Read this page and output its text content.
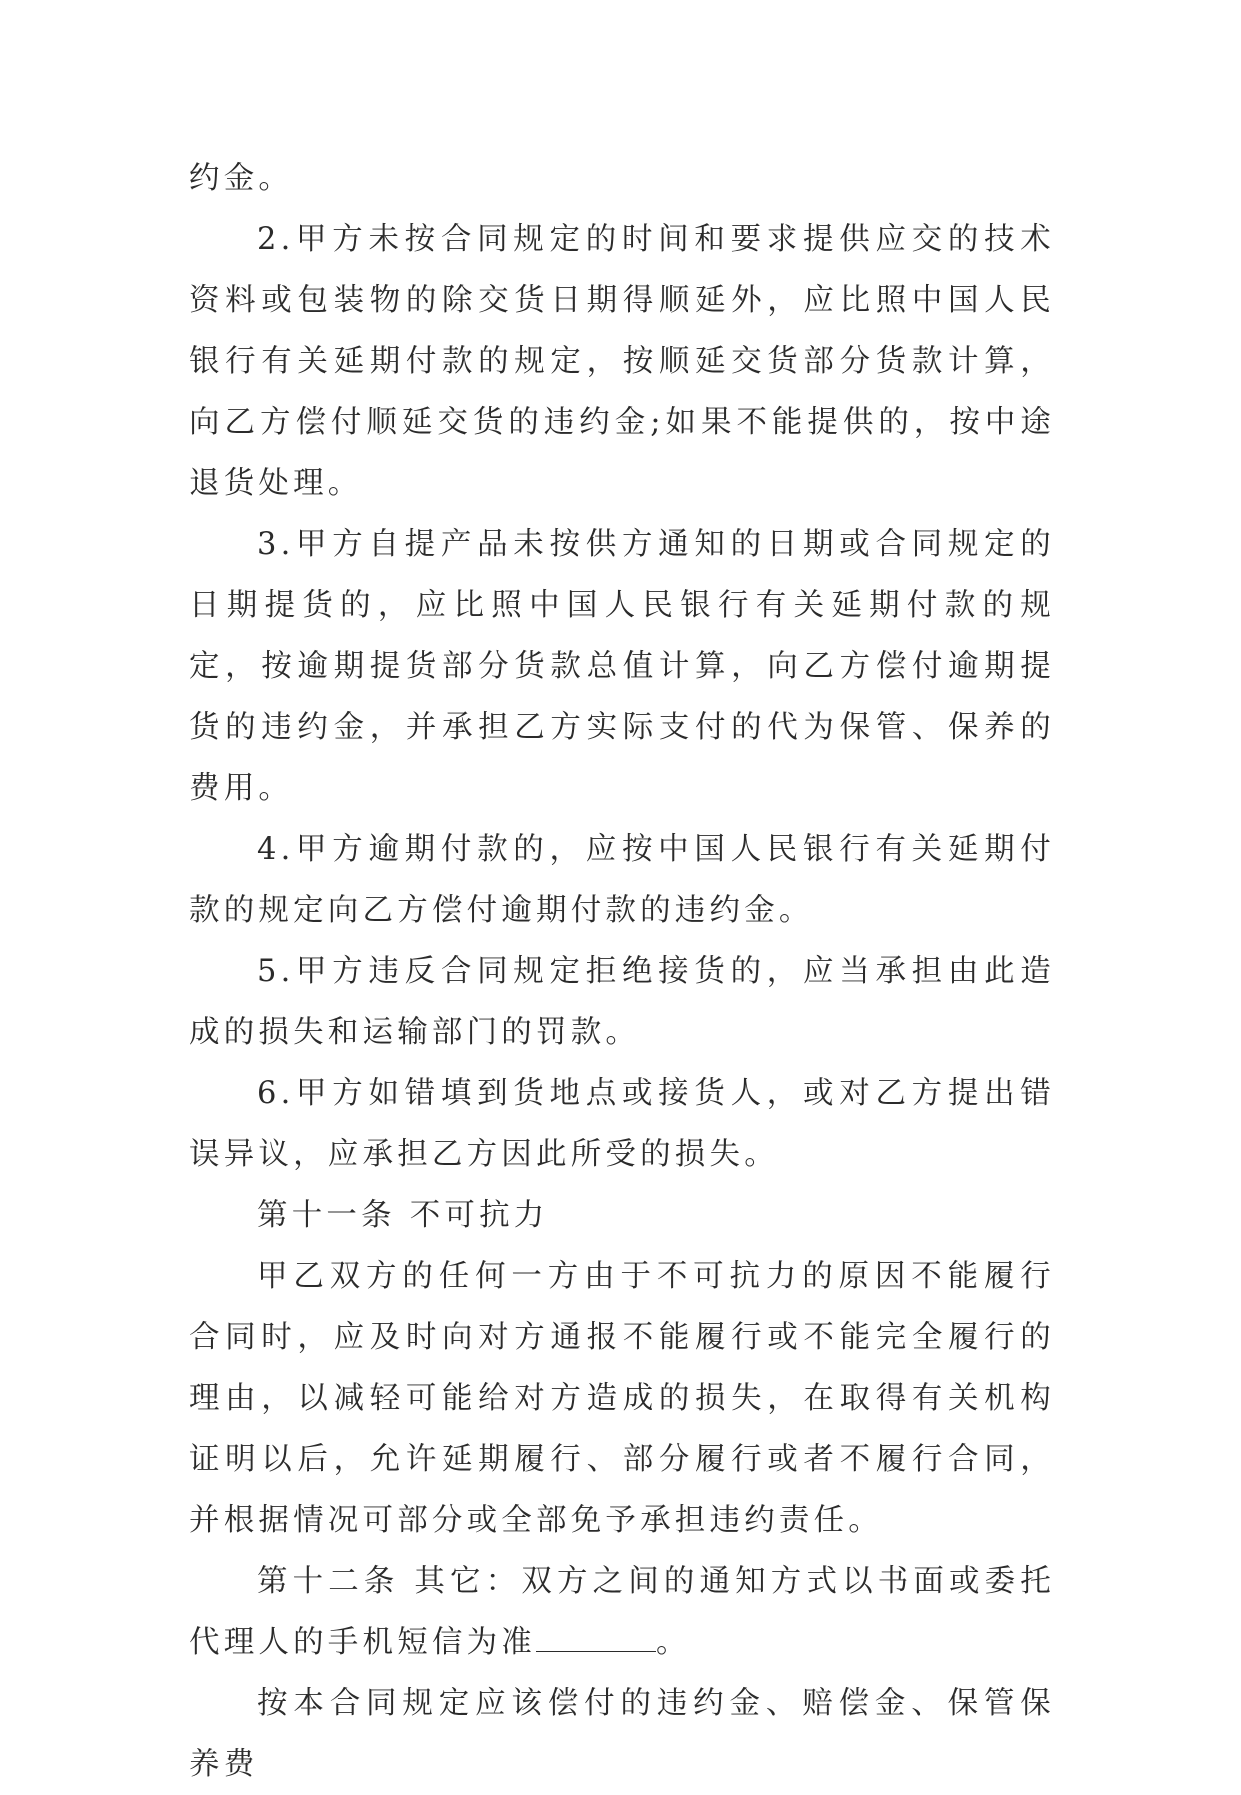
约金。

2.甲方未按合同规定的时间和要求提供应交的技术资料或包装物的除交货日期得顺延外，应比照中国人民银行有关延期付款的规定，按顺延交货部分货款计算，向乙方偿付顺延交货的违约金;如果不能提供的，按中途退货处理。

3.甲方自提产品未按供方通知的日期或合同规定的日期提货的，应比照中国人民银行有关延期付款的规定，按逾期提货部分货款总值计算，向乙方偿付逾期提货的违约金，并承担乙方实际支付的代为保管、保养的费用。

4.甲方逾期付款的，应按中国人民银行有关延期付款的规定向乙方偿付逾期付款的违约金。

5.甲方违反合同规定拒绝接货的，应当承担由此造成的损失和运输部门的罚款。

6.甲方如错填到货地点或接货人，或对乙方提出错误异议，应承担乙方因此所受的损失。

第十一条 不可抗力

甲乙双方的任何一方由于不可抗力的原因不能履行合同时，应及时向对方通报不能履行或不能完全履行的理由，以减轻可能给对方造成的损失，在取得有关机构证明以后，允许延期履行、部分履行或者不履行合同，并根据情况可部分或全部免予承担违约责任。

第十二条 其它：双方之间的通知方式以书面或委托代理人的手机短信为准	。

按本合同规定应该偿付的违约金、赔偿金、保管保养费
